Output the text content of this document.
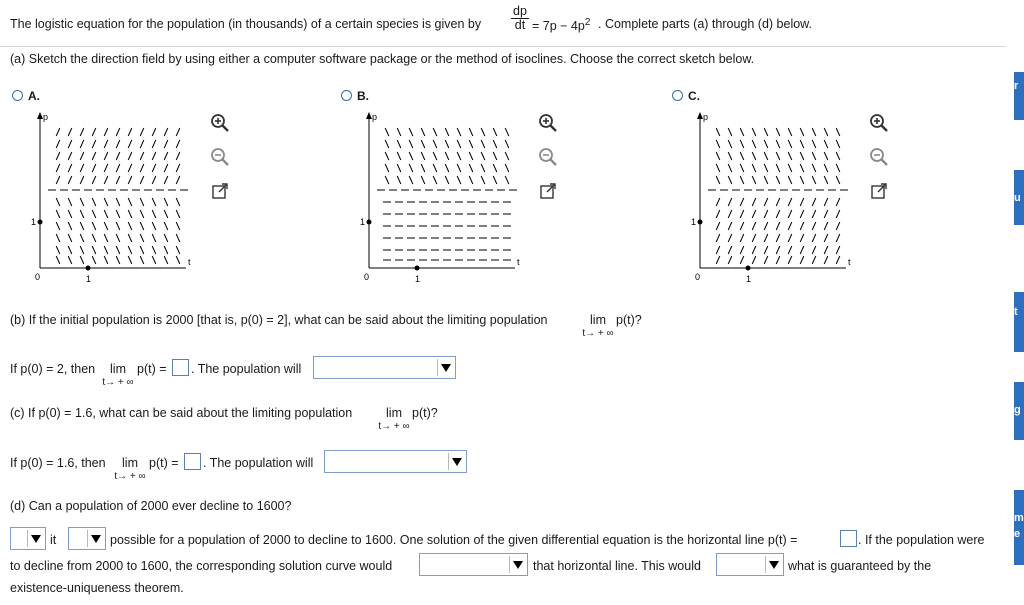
The logistic equation for the population (in thousands) of a certain species is given by $\frac{dp}{dt} = 7p - 4p^2$ . Complete parts (a) through (d) below.
(a) Sketch the direction field by using either a computer software package or the method of isoclines. Choose the correct sketch below.
A.	B.	C.
p
t
0	1
1
p
t
0	1
1
p
t
0	1
1
(b) If the initial population is 2000 [that is, p(0) = 2], what can be said about the limiting population	lim
t→ + ∞
p(t)?
If p(0) = 2, then	lim
t→ + ∞
p(t) = . The population will
(c) If p(0) = 1.6, what can be said about the limiting population	lim
t→ + ∞
p(t)?
If p(0) = 1.6, then	lim
t→ + ∞
p(t) = . The population will
(d) Can a population of 2000 ever decline to 1600?
it	possible for a population of 2000 to decline to 1600. One solution of the given differential equation is the horizontal line p(t) =	. If the population were
to decline from 2000 to 1600, the corresponding solution curve would	that horizontal line. This would	what is guaranteed by the
existence-uniqueness theorem.
r
u
t
g
m
e
